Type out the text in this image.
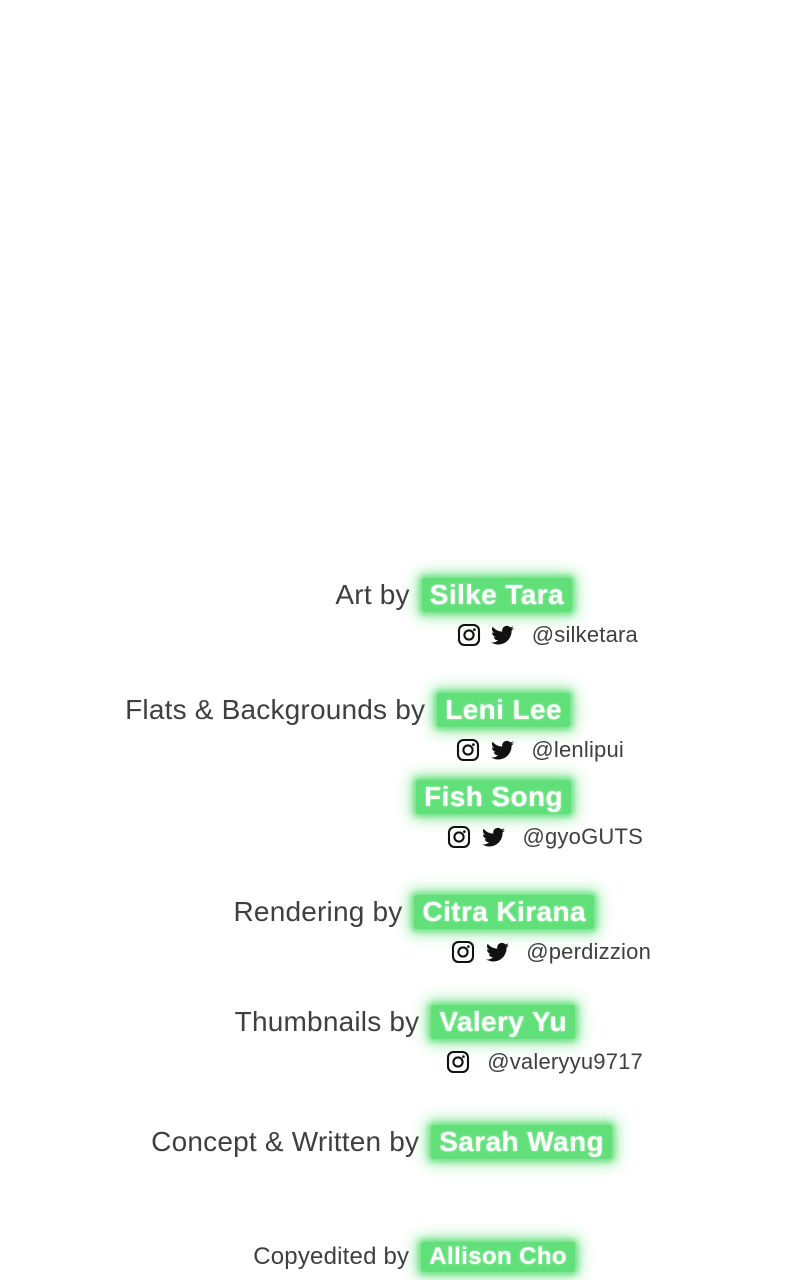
Art by Silke Tara
@silketara
Flats & Backgrounds by Leni Lee
@lenlipui
Fish Song
@gyoGUTS
Rendering by Citra Kirana
@perdizzion
Thumbnails by Valery Yu
@valeryyu9717
Concept & Written by Sarah Wang
Copyedited by Allison Cho
